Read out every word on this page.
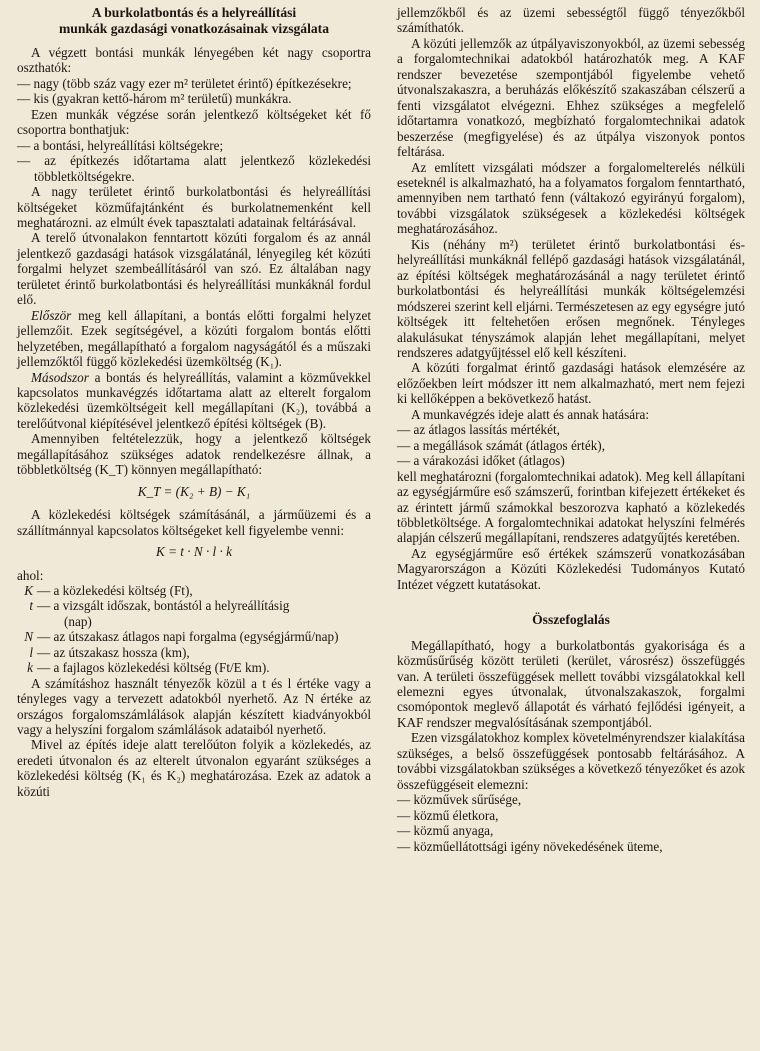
A burkolatbontás és a helyreállítási
munkák gazdasági vonatkozásainak vizsgálata

A végzett bontási munkák lényegében két nagy csoportra oszthatók:

— nagy (több száz vagy ezer m² területet érintő) építkezésekre;

— kis (gyakran kettő-három m² területű) munkákra.

Ezen munkák végzése során jelentkező költségeket két fő csoportra bonthatjuk:

— a bontási, helyreállítási költségekre;

— az építkezés időtartama alatt jelentkező közlekedési többletköltségekre.

A nagy területet érintő burkolatbontási és helyreállítási költségeket közműfajtánként és burkolatnemenként kell meghatározni. az elmúlt évek tapasztalati adatainak feltárásával.

A terelő útvonalakon fenntartott közúti forgalom és az annál jelentkező gazdasági hatások vizsgálatánál, lényegileg két közúti forgalmi helyzet szembeállításáról van szó. Ez általában nagy területet érintő burkolatbontási és helyreállítási munkáknál fordul elő.

Először meg kell állapítani, a bontás előtti forgalmi helyzet jellemzőit. Ezek segítségével, a közúti forgalom bontás előtti helyzetében, megállapítható a forgalom nagyságától és a műszaki jellemzőktől függő közlekedési üzemköltség (K₁).

Másodszor a bontás és helyreállítás, valamint a közművekkel kapcsolatos munkavégzés időtartama alatt az elterelt forgalom közlekedési üzemköltségeit kell megállapítani (K₂), továbbá a terelőútvonal kiépítésével jelentkező építési költségek (B).

Amennyiben feltételezzük, hogy a jelentkező költségek megállapításához szükséges adatok rendelkezésre állnak, a többletköltség (K_T) könnyen megállapítható:

K_T = (K₂ + B) − K₁

A közlekedési költségek számításánál, a járműüzemi és a szállítmánnyal kapcsolatos költségeket kell figyelembe venni:

K = t · N · l · k

ahol:

K — a közlekedési költség (Ft),
t — a vizsgált időszak, bontástól a helyreállításig
(nap)
N — az útszakasz átlagos napi forgalma (egységjármű/nap)
l — az útszakasz hossza (km),
k — a fajlagos közlekedési költség (Ft/E km).

A számításhoz használt tényezők közül a t és l értéke vagy a tényleges vagy a tervezett adatokból nyerhető. Az N értéke az országos forgalomszámlálások alapján készített kiadványokból vagy a helyszíni forgalom számlálások adataiból nyerhető.

Mivel az építés ideje alatt terelőúton folyik a közlekedés, az eredeti útvonalon és az elterelt útvonalon egyaránt szükséges a közlekedési költség (K₁ és K₂) meghatározása. Ezek az adatok a közúti

jellemzőkből és az üzemi sebességtől függő tényezőkből számíthatók.

A közúti jellemzők az útpályaviszonyokból, az üzemi sebesség a forgalomtechnikai adatokból határozhatók meg. A KAF rendszer bevezetése szempontjából figyelembe vehető útvonalszakaszra, a beruházás előkészítő szakaszában célszerű a fenti vizsgálatot elvégezni. Ehhez szükséges a megfelelő időtartamra vonatkozó, megbízható forgalomtechnikai adatok beszerzése (megfigyelése) és az útpálya viszonyok pontos feltárása.

Az említett vizsgálati módszer a forgalomelterelés nélküli eseteknél is alkalmazható, ha a folyamatos forgalom fenntartható, amennyiben nem tartható fenn (váltakozó egyirányú forgalom), további vizsgálatok szükségesek a közlekedési költségek meghatározásához.

Kis (néhány m²) területet érintő burkolatbontási és-helyreállítási munkáknál fellépő gazdasági hatások vizsgálatánál, az építési költségek meghatározásánál a nagy területet érintő burkolatbontási és helyreállítási munkák költségelemzési módszerei szerint kell eljárni. Természetesen az egy egységre jutó költségek itt feltehetően erősen megnőnek. Tényleges alakulásukat tényszámok alapján lehet megállapítani, melyet rendszeres adatgyűjtéssel elő kell készíteni.

A közúti forgalmat érintő gazdasági hatások elemzésére az előzőekben leírt módszer itt nem alkalmazható, mert nem fejezi ki kellőképpen a bekövetkező hatást.

A munkavégzés ideje alatt és annak hatására:

— az átlagos lassítás mértékét,

— a megállások számát (átlagos érték),

— a várakozási időket (átlagos)

kell meghatározni (forgalomtechnikai adatok). Meg kell állapítani az egységjárműre eső számszerű, forintban kifejezett értékeket és az érintett jármű számokkal beszorozva kapható a közlekedés többletköltsége. A forgalomtechnikai adatokat helyszíni felmérés alapján célszerű megállapítani, rendszeres adatgyűjtés keretében.

Az egységjárműre eső értékek számszerű vonatkozásában Magyarországon a Közúti Közlekedési Tudományos Kutató Intézet végzett kutatásokat.

Összefoglalás

Megállapítható, hogy a burkolatbontás gyakorisága és a közműsűrűség között területi (kerület, városrész) összefüggés van. A területi összefüggések mellett további vizsgálatokkal kell elemezni egyes útvonalak, útvonalszakaszok, forgalmi csomópontok meglevő állapotát és várható fejlődési igényeit, a KAF rendszer megvalósításának szempontjából.

Ezen vizsgálatokhoz komplex követelményrendszer kialakítása szükséges, a belső összefüggések pontosabb feltárásához. A további vizsgálatokban szükséges a következő tényezőket és azok összefüggéseit elemezni:

— közművek sűrűsége,

— közmű életkora,

— közmű anyaga,

— közműellátottsági igény növekedésének üteme,
